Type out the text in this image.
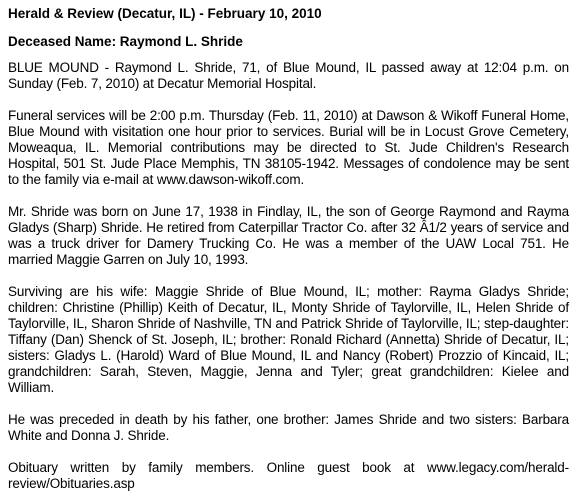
Herald & Review (Decatur, IL) - February 10, 2010
Deceased Name: Raymond L. Shride

BLUE MOUND - Raymond L. Shride, 71, of Blue Mound, IL passed away at 12:04 p.m. on Sunday (Feb. 7, 2010) at Decatur Memorial Hospital.

Funeral services will be 2:00 p.m. Thursday (Feb. 11, 2010) at Dawson & Wikoff Funeral Home, Blue Mound with visitation one hour prior to services. Burial will be in Locust Grove Cemetery, Moweaqua, IL. Memorial contributions may be directed to St. Jude Children's Research Hospital, 501 St. Jude Place Memphis, TN 38105-1942. Messages of condolence may be sent to the family via e-mail at www.dawson-wikoff.com.

Mr. Shride was born on June 17, 1938 in Findlay, IL, the son of George Raymond and Rayma Gladys (Sharp) Shride. He retired from Caterpillar Tractor Co. after 32 Â1/2 years of service and was a truck driver for Damery Trucking Co. He was a member of the UAW Local 751. He married Maggie Garren on July 10, 1993.

Surviving are his wife: Maggie Shride of Blue Mound, IL; mother: Rayma Gladys Shride; children: Christine (Phillip) Keith of Decatur, IL, Monty Shride of Taylorville, IL, Helen Shride of Taylorville, IL, Sharon Shride of Nashville, TN and Patrick Shride of Taylorville, IL; step-daughter: Tiffany (Dan) Shenck of St. Joseph, IL; brother: Ronald Richard (Annetta) Shride of Decatur, IL; sisters: Gladys L. (Harold) Ward of Blue Mound, IL and Nancy (Robert) Prozzio of Kincaid, IL; grandchildren: Sarah, Steven, Maggie, Jenna and Tyler; great grandchildren: Kielee and William.

He was preceded in death by his father, one brother: James Shride and two sisters: Barbara White and Donna J. Shride.

Obituary written by family members. Online guest book at www.legacy.com/herald-review/Obituaries.asp
